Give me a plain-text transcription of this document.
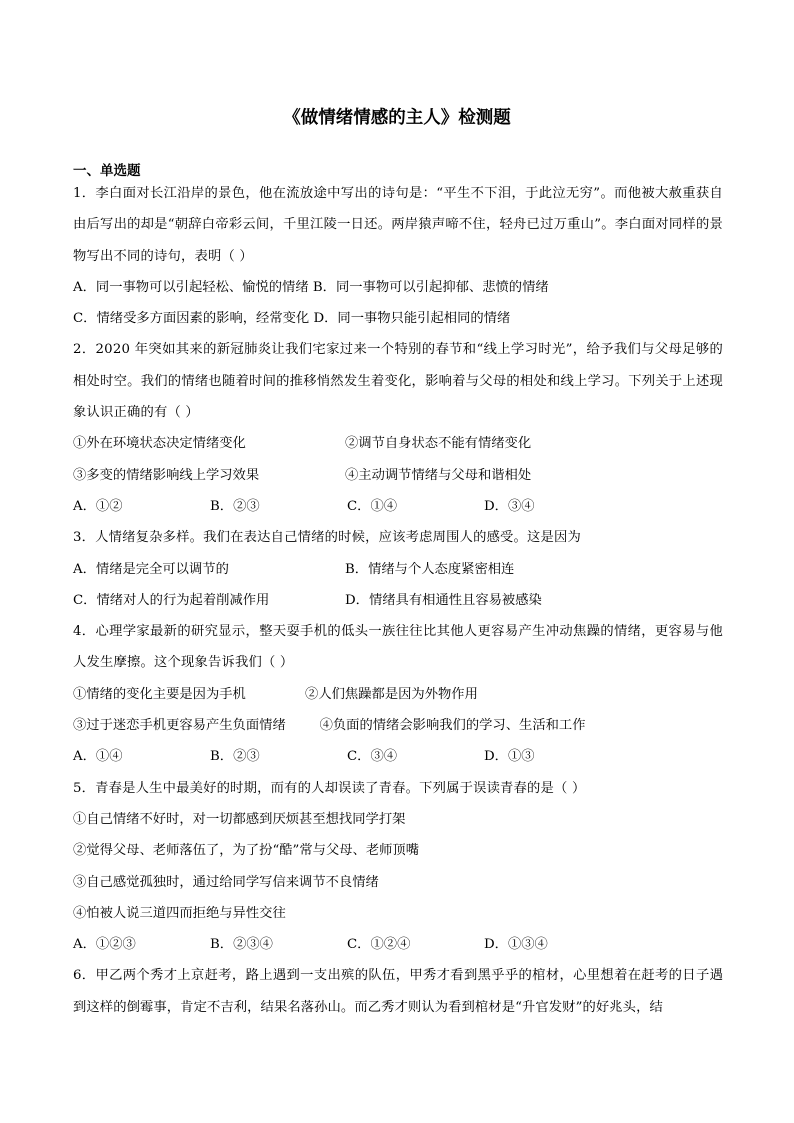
《做情绪情感的主人》检测题
一、单选题
1．李白面对长江沿岸的景色，他在流放途中写出的诗句是：“平生不下泪，于此泣无穷”。而他被大赦重获自由后写出的却是“朝辞白帝彩云间，千里江陵一日还。两岸猿声啼不住，轻舟已过万重山”。李白面对同样的景物写出不同的诗句，表明（ ）
A．同一事物可以引起轻松、愉悦的情绪 B．同一事物可以引起抑郁、悲愤的情绪
C．情绪受多方面因素的影响，经常变化 D．同一事物只能引起相同的情绪
2．2020 年突如其来的新冠肺炎让我们宅家过来一个特别的春节和“线上学习时光”，给予我们与父母足够的相处时空。我们的情绪也随着时间的推移悄然发生着变化，影响着与父母的相处和线上学习。下列关于上述现象认识正确的有（ ）
①外在环境状态决定情绪变化	②调节自身状态不能有情绪变化
③多变的情绪影响线上学习效果	④主动调节情绪与父母和谐相处
A．①②	B．②③	C．①④	D．③④
3．人情绪复杂多样。我们在表达自己情绪的时候，应该考虑周围人的感受。这是因为
A．情绪是完全可以调节的	B．情绪与个人态度紧密相连
C．情绪对人的行为起着削减作用	D．情绪具有相通性且容易被感染
4．心理学家最新的研究显示，整天耍手机的低头一族往往比其他人更容易产生冲动焦躁的情绪，更容易与他人发生摩擦。这个现象告诉我们（ ）
①情绪的变化主要是因为手机              ②人们焦躁都是因为外物作用
③过于迷恋手机更容易产生负面情绪        ④负面的情绪会影响我们的学习、生活和工作
A．①④	B．②③	C．③④	D．①③
5．青春是人生中最美好的时期，而有的人却误读了青春。下列属于误读青春的是（ ）
①自己情绪不好时，对一切都感到厌烦甚至想找同学打架
②觉得父母、老师落伍了，为了扮“酷”常与父母、老师顶嘴
③自己感觉孤独时，通过给同学写信来调节不良情绪
④怕被人说三道四而拒绝与异性交往
A．①②③	B．②③④	C．①②④	D．①③④
6．甲乙两个秀才上京赶考，路上遇到一支出殡的队伍，甲秀才看到黑乎乎的棺材，心里想着在赶考的日子遇到这样的倒霉事，肯定不吉利，结果名落孙山。而乙秀才则认为看到棺材是“升官发财”的好兆头，结
